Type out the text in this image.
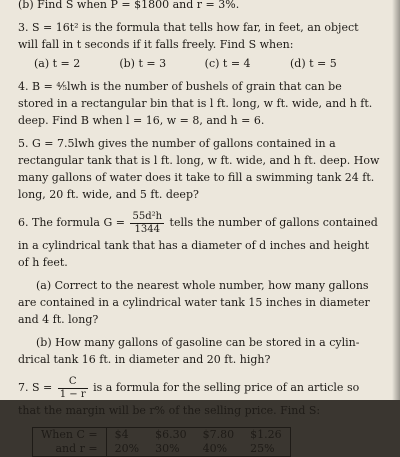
(b) Find S when P = $1800 and r = 3%.
3. S = 16t² is the formula that tells how far, in feet, an object
will fall in t seconds if it falls freely. Find S when:
(a) t = 2	(b) t = 3	(c) t = 4	(d) t = 5
4. B = ⁴⁄₅lwh is the number of bushels of grain that can be
stored in a rectangular bin that is l ft. long, w ft. wide, and h ft.
deep. Find B when l = 16, w = 8, and h = 6.
5. G = 7.5lwh gives the number of gallons contained in a
rectangular tank that is l ft. long, w ft. wide, and h ft. deep. How
many gallons of water does it take to fill a swimming tank 24 ft.
long, 20 ft. wide, and 5 ft. deep?
6. The formula $G = \frac{\text{55d²h}}{1344}$ tells the number of gallons contained
in a cylindrical tank that has a diameter of d inches and height
of h feet.
(a) Correct to the nearest whole number, how many gallons
are contained in a cylindrical water tank 15 inches in diameter
and 4 ft. long?
(b) How many gallons of gasoline can be stored in a cylin-
drical tank 16 ft. in diameter and 20 ft. high?
7. $S = \frac{C}{1 - r}$ is a formula for the selling price of an article so
that the margin will be r% of the selling price. Find S:
When C =	$4	$6.30	$7.80	$1.26
and r =	20%	30%	40%	25%
